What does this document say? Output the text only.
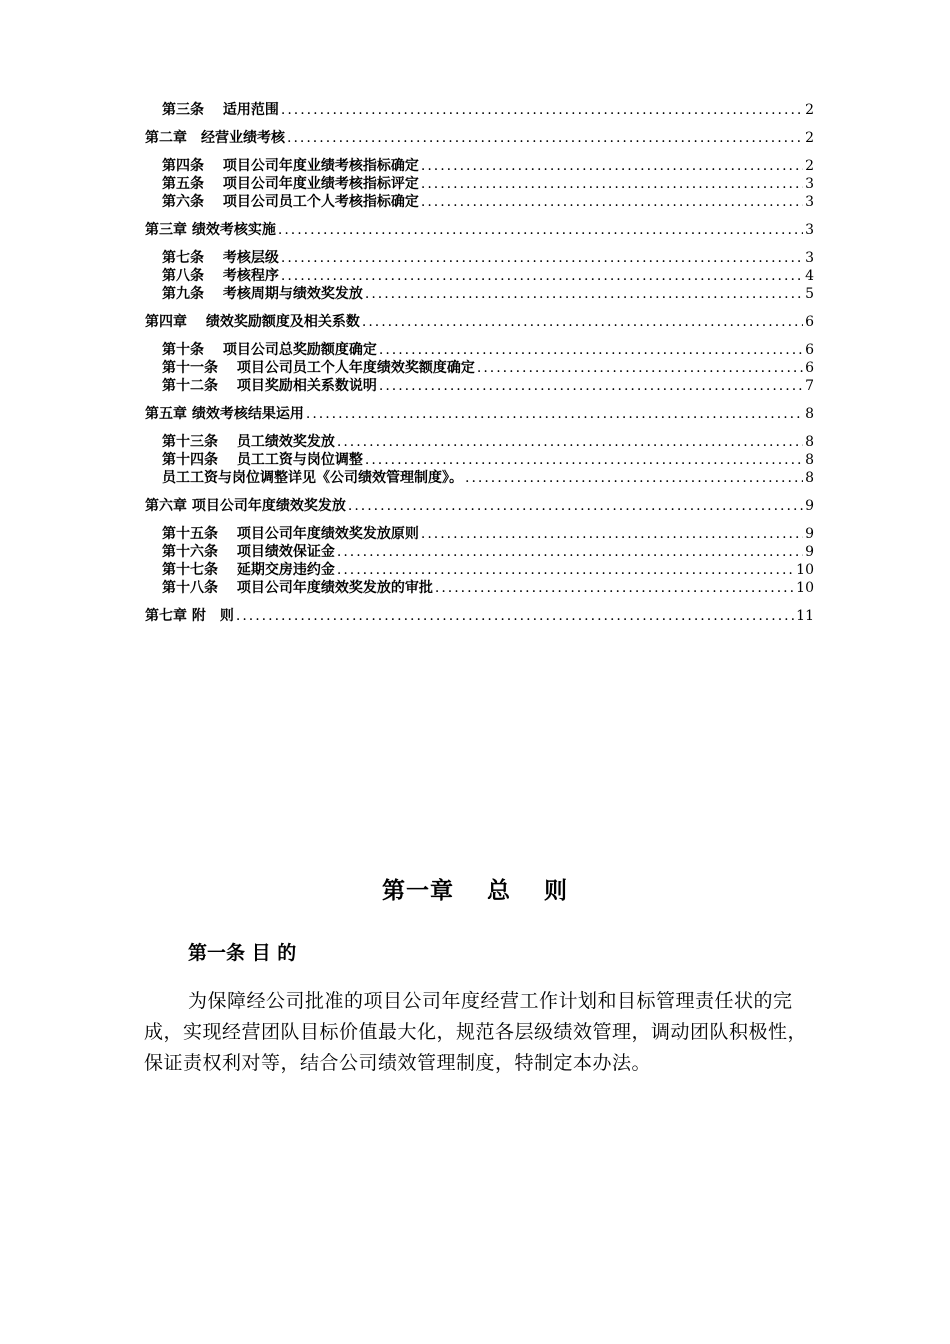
第三条　 适用范围 .....	2
第二章　经营业绩考核 .....	2
第四条　 项目公司年度业绩考核指标确定 .....	2
第五条　 项目公司年度业绩考核指标评定 .....	3
第六条　 项目公司员工个人考核指标确定 .....	3
第三章 绩效考核实施 .....	3
第七条　 考核层级 .....	3
第八条　 考核程序 .....	4
第九条　 考核周期与绩效奖发放 .....	5
第四章　 绩效奖励额度及相关系数 .....	6
第十条　 项目公司总奖励额度确定 .....	6
第十一条　 项目公司员工个人年度绩效奖额度确定 .....	6
第十二条　 项目奖励相关系数说明 .....	7
第五章 绩效考核结果运用 .....	8
第十三条　 员工绩效奖发放 .....	8
第十四条　 员工工资与岗位调整 .....	8
员工工资与岗位调整详见《公司绩效管理制度》。 .....	8
第六章 项目公司年度绩效奖发放 .....	9
第十五条　 项目公司年度绩效奖发放原则 .....	9
第十六条　 项目绩效保证金 .....	9
第十七条　 延期交房违约金 .....	10
第十八条　 项目公司年度绩效奖发放的审批 .....	10
第七章 附　则 .....	11
第一章　 总　 则
第一条 目 的
为保障经公司批准的项目公司年度经营工作计划和目标管理责任状的完成，实现经营团队目标价值最大化，规范各层级绩效管理，调动团队积极性，保证责权利对等，结合公司绩效管理制度，特制定本办法。
